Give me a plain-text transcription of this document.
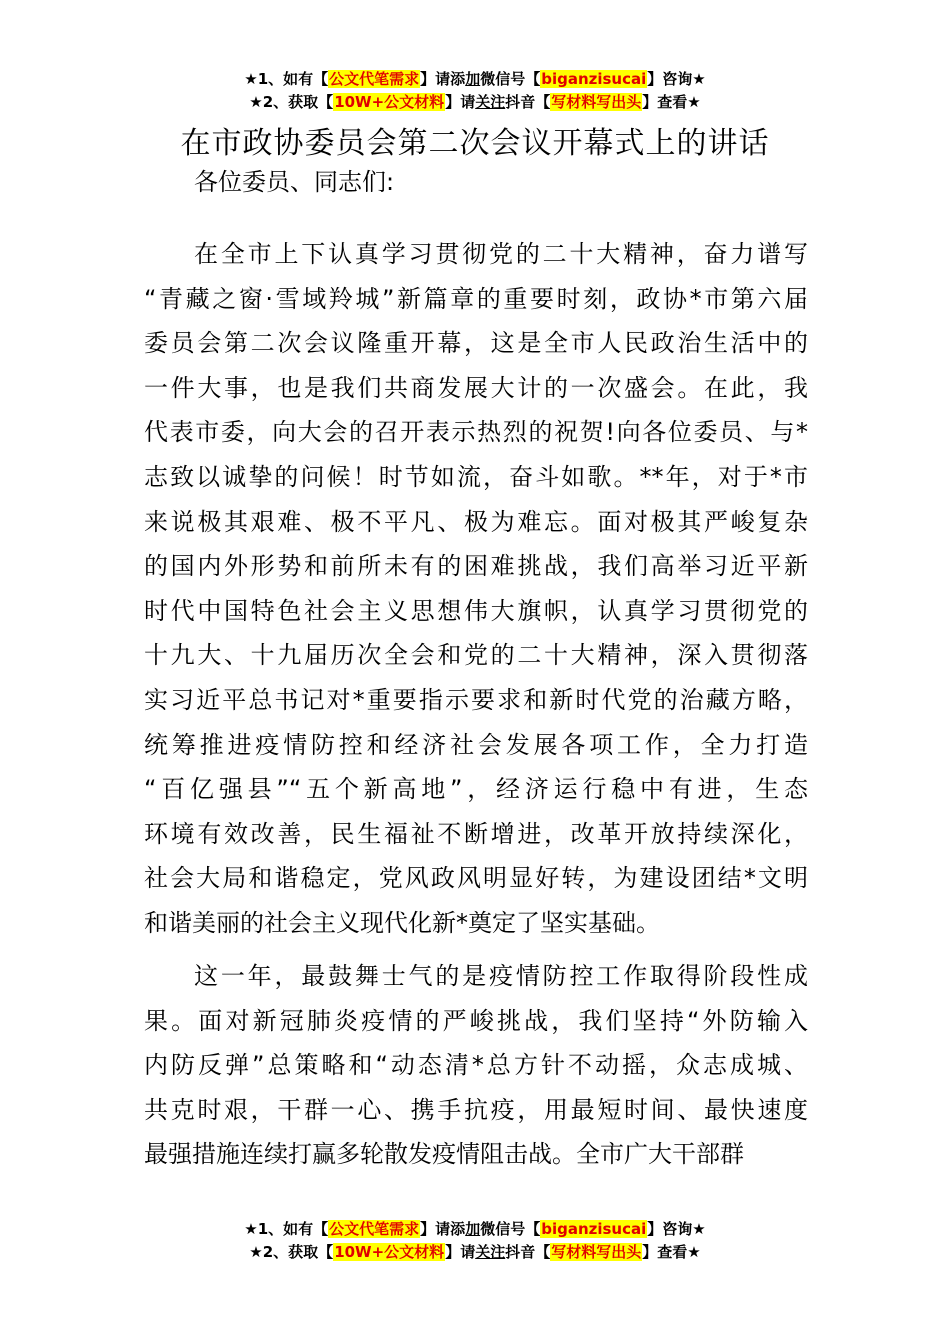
★1、如有【公文代笔需求】请添加微信号【biganzisucai】咨询★
★2、获取【10W+公文材料】请关注抖音【写材料写出头】查看★
在市政协委员会第二次会议开幕式上的讲话
各位委员、同志们:
在全市上下认真学习贯彻党的二十大精神，奋力谱写
“青藏之窗·雪域羚城”新篇章的重要时刻，政协*市第六届
委员会第二次会议隆重开幕，这是全市人民政治生活中的
一件大事，也是我们共商发展大计的一次盛会。在此，我
代表市委，向大会的召开表示热烈的祝贺!向各位委员、与*
志致以诚挚的问候！时节如流，奋斗如歌。**年，对于*市
来说极其艰难、极不平凡、极为难忘。面对极其严峻复杂
的国内外形势和前所未有的困难挑战，我们高举习近平新
时代中国特色社会主义思想伟大旗帜，认真学习贯彻党的
十九大、十九届历次全会和党的二十大精神，深入贯彻落
实习近平总书记对*重要指示要求和新时代党的治藏方略，
统筹推进疫情防控和经济社会发展各项工作，全力打造
“百亿强县”“五个新高地”，经济运行稳中有进，生态
环境有效改善，民生福祉不断增进，改革开放持续深化，
社会大局和谐稳定，党风政风明显好转，为建设团结*文明
和谐美丽的社会主义现代化新*奠定了坚实基础。
这一年，最鼓舞士气的是疫情防控工作取得阶段性成
果。面对新冠肺炎疫情的严峻挑战，我们坚持“外防输入
内防反弹”总策略和“动态清*总方针不动摇，众志成城、
共克时艰，干群一心、携手抗疫，用最短时间、最快速度
最强措施连续打赢多轮散发疫情阻击战。全市广大干部群
★1、如有【公文代笔需求】请添加微信号【biganzisucai】咨询★
★2、获取【10W+公文材料】请关注抖音【写材料写出头】查看★
